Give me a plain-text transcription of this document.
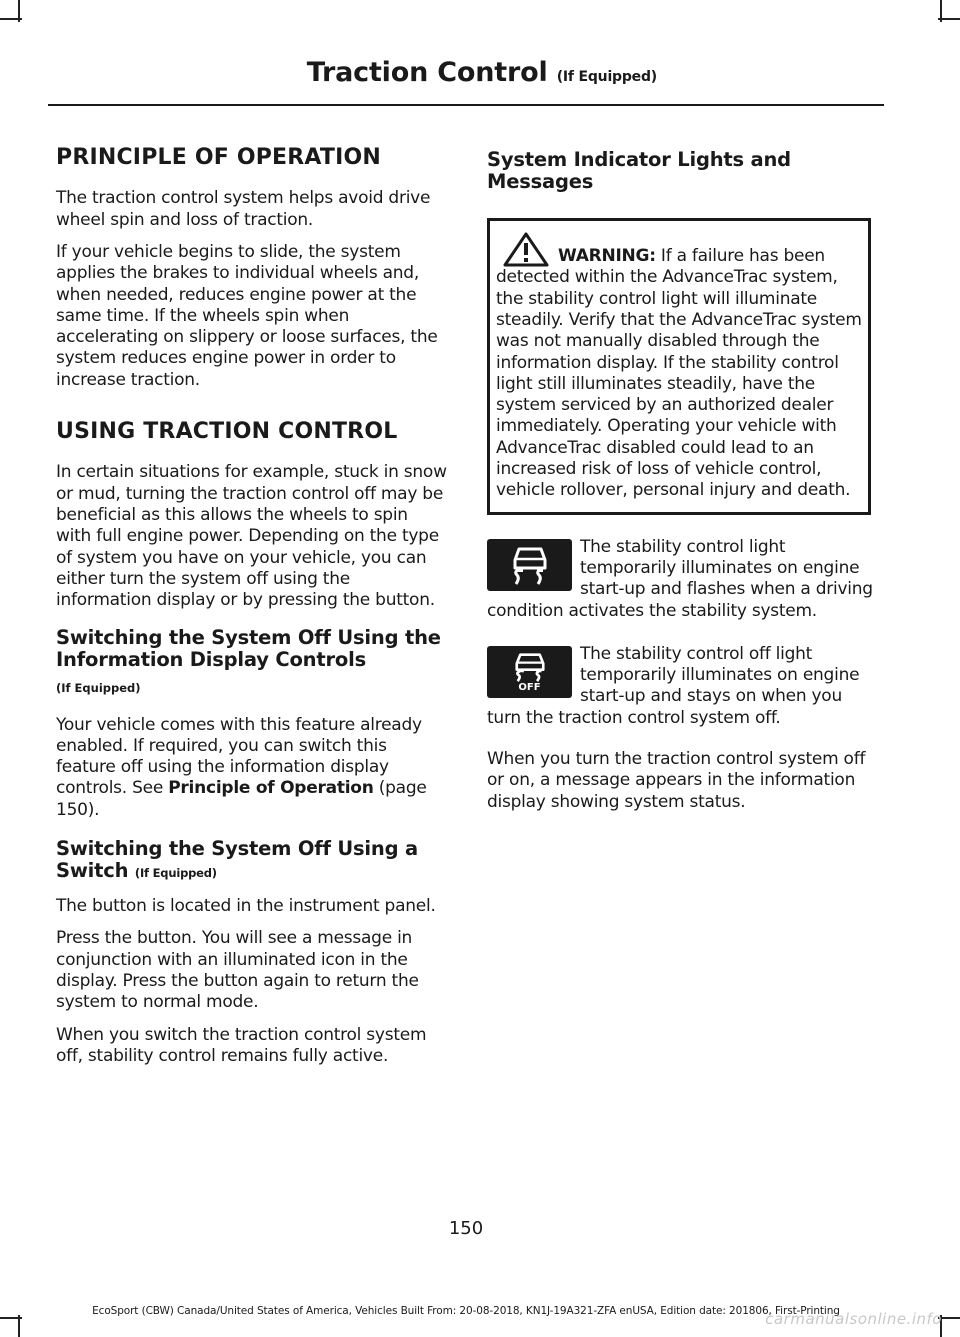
Traction Control (If Equipped)
PRINCIPLE OF OPERATION

The traction control system helps avoid drive wheel spin and loss of traction.

If your vehicle begins to slide, the system applies the brakes to individual wheels and, when needed, reduces engine power at the same time. If the wheels spin when accelerating on slippery or loose surfaces, the system reduces engine power in order to increase traction.

USING TRACTION CONTROL

In certain situations for example, stuck in snow or mud, turning the traction control off may be beneficial as this allows the wheels to spin with full engine power. Depending on the type of system you have on your vehicle, you can either turn the system off using the information display or by pressing the button.

Switching the System Off Using the Information Display Controls
(If Equipped)

Your vehicle comes with this feature already enabled. If required, you can switch this feature off using the information display controls. See Principle of Operation (page 150).

Switching the System Off Using a Switch (If Equipped)

The button is located in the instrument panel.

Press the button. You will see a message in conjunction with an illuminated icon in the display. Press the button again to return the system to normal mode.

When you switch the traction control system off, stability control remains fully active.

System Indicator Lights and Messages

WARNING: If a failure has been detected within the AdvanceTrac system, the stability control light will illuminate steadily. Verify that the AdvanceTrac system was not manually disabled through the information display. If the stability control light still illuminates steadily, have the system serviced by an authorized dealer immediately. Operating your vehicle with AdvanceTrac disabled could lead to an increased risk of loss of vehicle control, vehicle rollover, personal injury and death.

The stability control light temporarily illuminates on engine start-up and flashes when a driving condition activates the stability system.

OFF

The stability control off light temporarily illuminates on engine start-up and stays on when you turn the traction control system off.

When you turn the traction control system off or on, a message appears in the information display showing system status.

150
EcoSport (CBW) Canada/United States of America, Vehicles Built From: 20-08-2018, KN1J-19A321-ZFA enUSA, Edition date: 201806, First-Printing
carmanualsonline.info
